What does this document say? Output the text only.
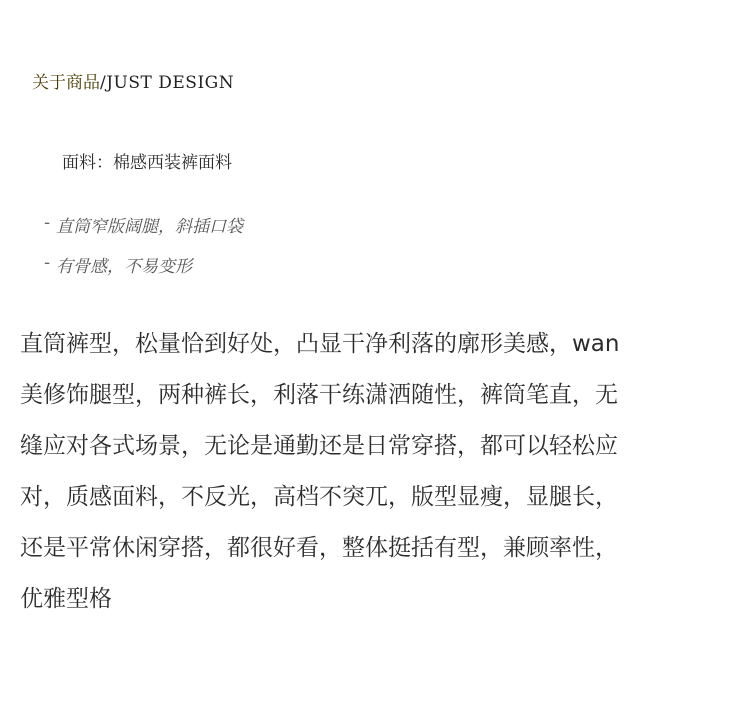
关于商品/JUST DESIGN
面料：棉感西装裤面料
- 直筒窄版阔腿，斜插口袋
- 有骨感，不易变形
直筒裤型，松量恰到好处，凸显干净利落的廓形美感，wan
美修饰腿型，两种裤长，利落干练潇洒随性，裤筒笔直，无
缝应对各式场景，无论是通勤还是日常穿搭，都可以轻松应
对，质感面料，不反光，高档不突兀，版型显瘦，显腿长，
还是平常休闲穿搭，都很好看，整体挺括有型，兼顾率性，
优雅型格
